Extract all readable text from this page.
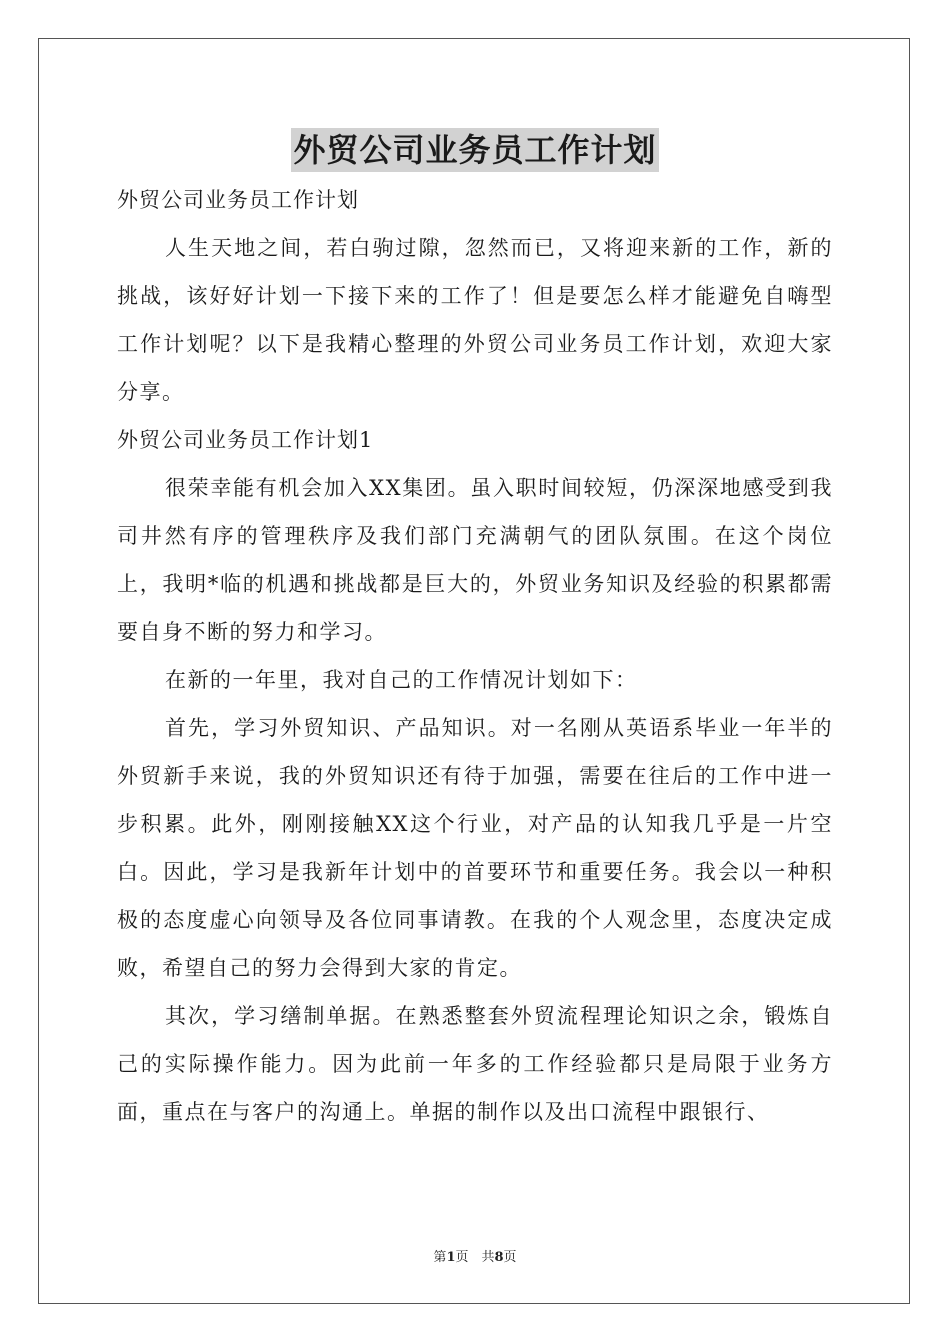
外贸公司业务员工作计划

外贸公司业务员工作计划

人生天地之间，若白驹过隙，忽然而已，又将迎来新的工作，新的挑战，该好好计划一下接下来的工作了！但是要怎么样才能避免自嗨型工作计划呢？以下是我精心整理的外贸公司业务员工作计划，欢迎大家分享。

外贸公司业务员工作计划1

很荣幸能有机会加入XX集团。虽入职时间较短，仍深深地感受到我司井然有序的管理秩序及我们部门充满朝气的团队氛围。在这个岗位上，我明*临的机遇和挑战都是巨大的，外贸业务知识及经验的积累都需要自身不断的努力和学习。

在新的一年里，我对自己的工作情况计划如下：

首先，学习外贸知识、产品知识。对一名刚从英语系毕业一年半的外贸新手来说，我的外贸知识还有待于加强，需要在往后的工作中进一步积累。此外，刚刚接触XX这个行业，对产品的认知我几乎是一片空白。因此，学习是我新年计划中的首要环节和重要任务。我会以一种积极的态度虚心向领导及各位同事请教。在我的个人观念里，态度决定成败，希望自己的努力会得到大家的肯定。

其次，学习缮制单据。在熟悉整套外贸流程理论知识之余，锻炼自己的实际操作能力。因为此前一年多的工作经验都只是局限于业务方面，重点在与客户的沟通上。单据的制作以及出口流程中跟银行、

第1页　共8页
